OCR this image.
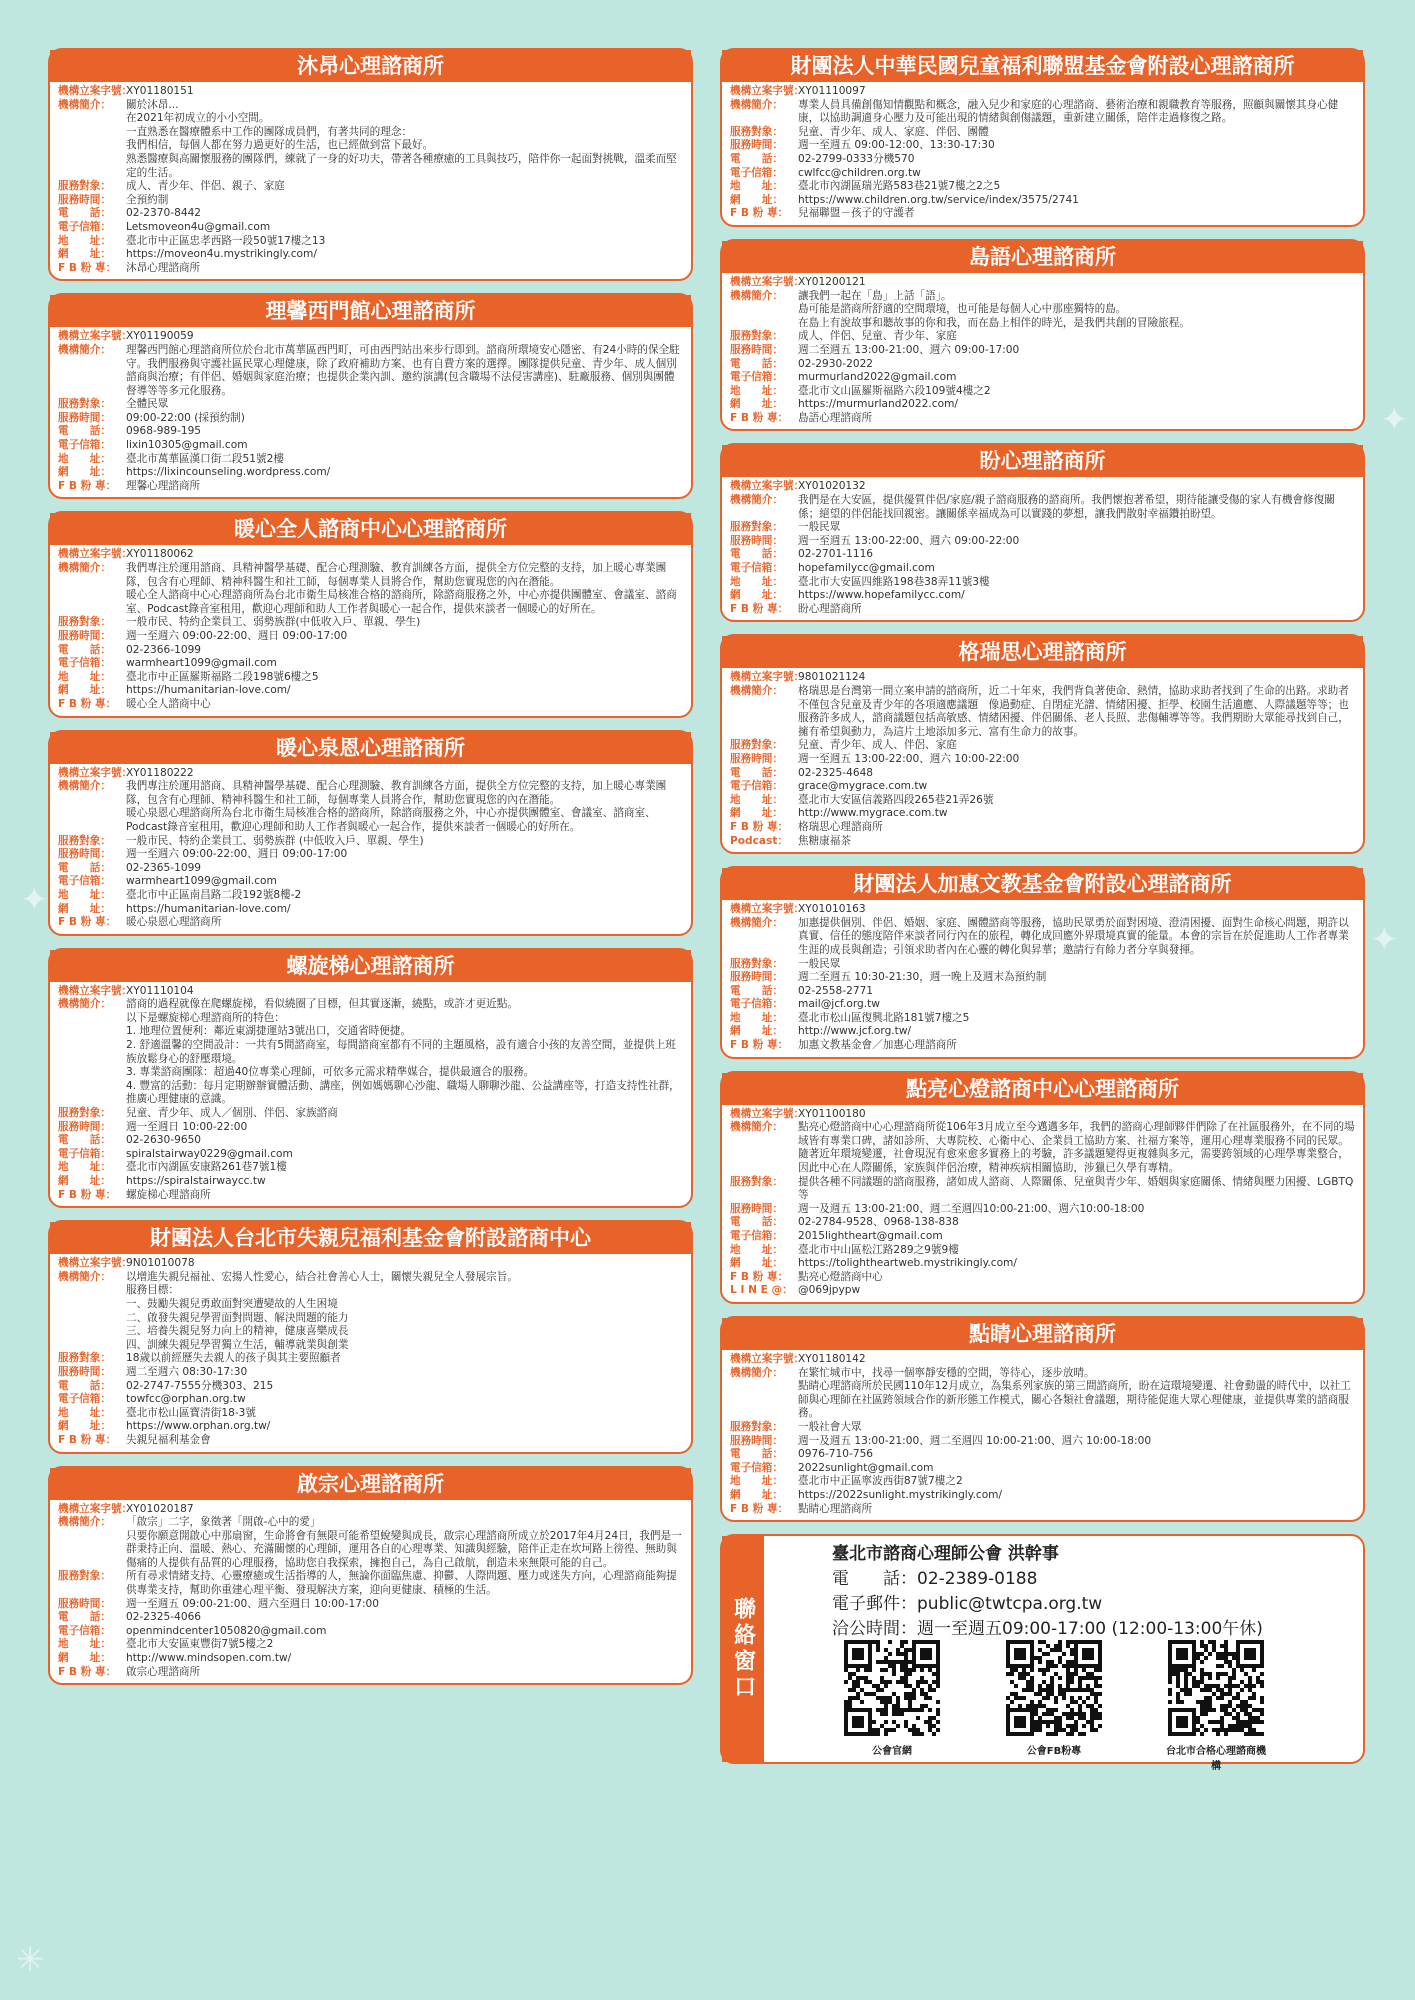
✦
✦
✳
✦
沐昂心理諮商所
機構立案字號：
XY01180151
機構簡介：	關於沐昂...
在2021年初成立的小小空間。
一直熟悉在醫療體系中工作的團隊成員們，有著共同的理念：
我們相信，每個人都在努力過更好的生活，也已經做到當下最好。
熟悉醫療與高關懷服務的團隊們，練就了一身的好功夫，帶著各種療癒的工具與技巧，陪伴你一起面對挑戰，溫柔而堅定的生活。
服務對象：	成人、青少年、伴侶、親子、家庭
服務時間：	全預約制
電　　話：	02-2370-8442
電子信箱：	Letsmoveon4u@gmail.com
地　　址：	臺北市中正區忠孝西路一段50號17樓之13
網　　址：	https://moveon4u.mystrikingly.com/
F B 粉 專： 沐昂心理諮商所
理馨西門館心理諮商所
機構立案字號：
XY01190059
機構簡介：	理馨西門館心理諮商所位於台北市萬華區西門町，可由西門站出來步行即到。諮商所環境安心隱密、有24小時的保全駐守。我們服務與守護社區民眾心理健康，除了政府補助方案、也有自費方案的選擇。團隊提供兒童、青少年、成人個別諮商與治療；有伴侶、婚姻與家庭治療；也提供企業內訓、邀約演講(包含職場不法侵害講座)、駐廠服務、個別與團體督導等等多元化服務。
服務對象：	全體民眾
服務時間：	09:00-22:00 (採預約制)
電　　話：	0968-989-195
電子信箱：	lixin10305@gmail.com
地　　址：	臺北市萬華區漢口街二段51號2樓
網　　址：	https://lixincounseling.wordpress.com/
F B 粉 專： 理馨心理諮商所
暖心全人諮商中心心理諮商所
機構立案字號：
XY01180062
機構簡介：	我們專注於運用諮商、具精神醫學基礎、配合心理測驗、教育訓練各方面，提供全方位完整的支持，加上暖心專業團隊，包含有心理師、精神科醫生和社工師，每個專業人員將合作，幫助您實現您的內在潛能。
暖心全人諮商中心心理諮商所為台北市衛生局核准合格的諮商所，除諮商服務之外，中心亦提供團體室、會議室、諮商室、Podcast錄音室租用，歡迎心理師和助人工作者與暖心一起合作，提供來談者一個暖心的好所在。
服務對象：	一般市民、特約企業員工、弱勢族群(中低收入戶、單親、學生)
服務時間：	週一至週六 09:00-22:00、週日 09:00-17:00
電　　話：	02-2366-1099
電子信箱：	warmheart1099@gmail.com
地　　址：	臺北市中正區羅斯福路二段198號6樓之5
網　　址：	https://humanitarian-love.com/
F B 粉 專： 暖心全人諮商中心
暖心泉恩心理諮商所
機構立案字號：
XY01180222
機構簡介：	我們專注於運用諮商、具精神醫學基礎、配合心理測驗、教育訓練各方面，提供全方位完整的支持，加上暖心專業團隊，包含有心理師、精神科醫生和社工師，每個專業人員將合作，幫助您實現您的內在潛能。
暖心泉恩心理諮商所為台北市衛生局核准合格的諮商所，除諮商服務之外，中心亦提供團體室、會議室、諮商室、Podcast錄音室租用，歡迎心理師和助人工作者與暖心一起合作，提供來談者一個暖心的好所在。
服務對象：	一般市民、特約企業員工、弱勢族群 (中低收入戶、單親、學生)
服務時間：	週一至週六 09:00-22:00、週日 09:00-17:00
電　　話：	02-2365-1099
電子信箱：	warmheart1099@gmail.com
地　　址：	臺北市中正區南昌路二段192號8樓-2
網　　址：	https://humanitarian-love.com/
F B 粉 專： 暖心泉恩心理諮商所
螺旋梯心理諮商所
機構立案字號：
XY01110104
機構簡介：	諮商的過程就像在爬螺旋梯，看似繞圈了目標，但其實逐漸，繞點，或許才更近點。
以下是螺旋梯心理諮商所的特色：
1. 地理位置便利：鄰近東湖捷運站3號出口，交通省時便捷。
2. 舒適溫馨的空間設計：一共有5間諮商室，每間諮商室都有不同的主題風格，設有適合小孩的友善空間，並提供上班族放鬆身心的舒壓環境。
3. 專業諮商團隊：超過40位專業心理師，可依多元需求精準媒合，提供最適合的服務。
4. 豐富的活動：每月定期辦辦實體活動、講座，例如媽媽聊心沙龍、職場人聊聊沙龍、公益講座等，打造支持性社群，推廣心理健康的意識。
服務對象：	兒童、青少年、成人／個別、伴侶、家族諮商
服務時間：	週一至週日 10:00-22:00
電　　話：	02-2630-9650
電子信箱：	spiralstairway0229@gmail.com
地　　址：	臺北市內湖區安康路261巷7號1樓
網　　址：	https://spiralstairwaycc.tw
F B 粉 專： 螺旋梯心理諮商所
財團法人台北市失親兒福利基金會附設諮商中心
機構立案字號：
9N01010078
機構簡介：	以增進失親兒福祉、宏揚人性愛心，結合社會善心人士，關懷失親兒全人發展宗旨。
服務目標：
一、鼓勵失親兒勇敢面對突遭變故的人生困境
二、啟發失親兒學習面對問題、解決問題的能力
三、培養失親兒努力向上的精神，健康喜樂成長
四、訓練失親兒學習獨立生活，輔導就業與創業
服務對象：	18歲以前經歷失去親人的孩子與其主要照顧者
服務時間：	週二至週六 08:30-17:30
電　　話：	02-2747-7555分機303、215
電子信箱：	towfcc@orphan.org.tw
地　　址：	臺北市松山區寶清街18-3號
網　　址：	https://www.orphan.org.tw/
F B 粉 專： 失親兒福利基金會
啟宗心理諮商所
機構立案字號：
XY01020187
機構簡介：	「啟宗」二字，象徵著「開啟-心中的愛」
只要你願意開啟心中那扇窗，生命將會有無限可能希望蛻變與成長，啟宗心理諮商所成立於2017年4月24日，我們是一群秉持正向、溫暖、熱心、充滿關懷的心理師，運用各自的心理專業、知識與經驗，陪伴正走在坎坷路上徬徨、無助與傷痛的人提供有品質的心理服務，協助您自我探索，擁抱自己，為自己啟航，創造未來無限可能的自己。
服務對象：	所有尋求情緒支持、心靈療癒或生活指導的人，無論你面臨焦慮、抑鬱、人際問題、壓力或迷失方向，心理諮商能夠提供專業支持，幫助你重建心理平衡、發現解決方案，迎向更健康、積極的生活。
服務時間：	週一至週五 09:00-21:00、週六至週日 10:00-17:00
電　　話：	02-2325-4066
電子信箱：	openmindcenter1050820@gmail.com
地　　址：	臺北市大安區東豐街7號5樓之2
網　　址：	http://www.mindsopen.com.tw/
F B 粉 專： 啟宗心理諮商所
財團法人中華民國兒童福利聯盟基金會附設心理諮商所
機構立案字號：
XY01110097
機構簡介：	專業人員具備創傷知情觀點和概念，融入兒少和家庭的心理諮商、藝術治療和親職教育等服務，照顧與關懷其身心健康，以協助調適身心壓力及可能出現的情緒與創傷議題，重新建立關係，陪伴走過修復之路。
服務對象：	兒童、青少年、成人、家庭、伴侶、團體
服務時間：	週一至週五 09:00-12:00、13:30-17:30
電　　話：	02-2799-0333分機570
電子信箱：	cwlfcc@children.org.tw
地　　址：	臺北市內湖區瑞光路583巷21號7樓之2之5
網　　址：	https://www.children.org.tw/service/index/3575/2741
F B 粉 專： 兒福聯盟－孩子的守護者
島語心理諮商所
機構立案字號：
XY01200121
機構簡介：	讓我們一起在「島」上話「語」。
島可能是諮商所舒適的空間環境，也可能是每個人心中那座獨特的島。
在島上有說故事和聽故事的你和我，而在島上相伴的時光，是我們共創的冒險旅程。
服務對象：	成人、伴侶、兒童、青少年、家庭
服務時間：	週二至週五 13:00-21:00、週六 09:00-17:00
電　　話：	02-2930-2022
電子信箱：	murmurland2022@gmail.com
地　　址：	臺北市文山區羅斯福路六段109號4樓之2
網　　址：	https://murmurland2022.com/
F B 粉 專： 島語心理諮商所
盼心理諮商所
機構立案字號：
XY01020132
機構簡介：	我們是在大安區，提供優質伴侶/家庭/親子諮商服務的諮商所。我們懷抱著希望，期待能讓受傷的家人有機會修復關係；絕望的伴侶能找回親密。讓關係幸福成為可以實踐的夢想，讓我們散射幸福鑽拍盼望。
服務對象：	一般民眾
服務時間：	週一至週五 13:00-22:00、週六 09:00-22:00
電　　話：	02-2701-1116
電子信箱：	hopefamilycc@gmail.com
地　　址：	臺北市大安區四維路198巷38弄11號3樓
網　　址：	https://www.hopefamilycc.com/
F B 粉 專： 盼心理諮商所
格瑞思心理諮商所
機構立案字號：
9801021124
機構簡介：	格瑞思是台灣第一間立案申請的諮商所，近二十年來，我們背負著使命、熱情，協助求助者找到了生命的出路。求助者不僅包含兒童及青少年的各項適應議題　像過動症、自閉症光譜、情緒困擾、拒學、校園生活適應、人際議題等等；也服務許多成人，諮商議題包括高敏感、情緒困擾、伴侶關係、老人長照、悲傷輔導等等。我們期盼大眾能尋找到自己，擁有希望與動力，為這片土地添加多元、富有生命力的故事。
服務對象：	兒童、青少年、成人、伴侶、家庭
服務時間：	週一至週五 13:00-22:00、週六 10:00-22:00
電　　話：	02-2325-4648
電子信箱：	grace@mygrace.com.tw
地　　址：	臺北市大安區信義路四段265巷21弄26號
網　　址：	http://www.mygrace.com.tw
F B 粉 專： 格瑞思心理諮商所
Podcast： 焦糖康福茶
財團法人加惠文教基金會附設心理諮商所
機構立案字號：
XY01010163
機構簡介：	加惠提供個別、伴侶、婚姻、家庭、團體諮商等服務，協助民眾勇於面對困境、澄清困擾、面對生命核心問題，期許以真實、信任的態度陪伴來談者同行內在的旅程，轉化成回應外界環境真實的能量。本會的宗旨在於促進助人工作者專業生涯的成長與創造；引領求助者內在心靈的轉化與昇華；邀請行有餘力者分享與發揮。
服務對象：	一般民眾
服務時間：	週二至週五 10:30-21:30，週一晚上及週末為預約制
電　　話：	02-2558-2771
電子信箱：	mail@jcf.org.tw
地　　址：	臺北市松山區復興北路181號7樓之5
網　　址：	http://www.jcf.org.tw/
F B 粉 專： 加惠文教基金會／加惠心理諮商所
點亮心燈諮商中心心理諮商所
機構立案字號：
XY01100180
機構簡介：	點亮心燈諮商中心心理諮商所從106年3月成立至今邁邁多年，我們的諮商心理師夥伴們除了在社區服務外，在不同的場域皆有專業口碑，諸如診所、大專院校、心衛中心、企業員工協助方案、社福方案等，運用心理專業服務不同的民眾。隨著近年環境變遷，社會現況有愈來愈多實務上的考驗，許多議題變得更複雜與多元，需要跨領域的心理學專業整合，因此中心在人際關係，家族與伴侶治療，精神疾病相關協助，涉獵已久學有專精。
服務對象：	提供各種不同議題的諮商服務，諸如成人諮商、人際關係、兒童與青少年、婚姻與家庭關係、情緒與壓力困擾、LGBTQ等
服務時間：	週一及週五 13:00-21:00、週二至週四10:00-21:00、週六10:00-18:00
電　　話：	02-2784-9528、0968-138-838
電子信箱：	2015lightheart@gmail.com
地　　址：	臺北市中山區松江路289之9號9樓
網　　址：	https://tolightheartweb.mystrikingly.com/
F B 粉 專： 點亮心燈諮商中心
L I N E @： @069jpypw
點睛心理諮商所
機構立案字號：
XY01180142
機構簡介：	在繁忙城市中，找尋一個寧靜安穩的空間，等待心，逐步放晴。
點睛心理諮商所於民國110年12月成立，為集系列家族的第三間諮商所，盼在這環境變遷、社會動盪的時代中，以社工師與心理師在社區跨領域合作的新形態工作模式，關心各類社會議題，期待能促進大眾心理健康，並提供專業的諮商服務。
服務對象：	一般社會大眾
服務時間：	週一及週五 13:00-21:00、週二至週四 10:00-21:00、週六 10:00-18:00
電　　話：	0976-710-756
電子信箱：	2022sunlight@gmail.com
地　　址：	臺北市中正區寧波西街87號7樓之2
網　　址：	https://2022sunlight.mystrikingly.com/
F B 粉 專： 點睛心理諮商所
聯絡窗口
臺北市諮商心理師公會 洪幹事
電　　話：02-2389-0188
電子郵件：public@twtcpa.org.tw
洽公時間：週一至週五09:00-17:00 (12:00-13:00午休)
公會官網	公會FB粉專	台北市合格心理諮商機構
